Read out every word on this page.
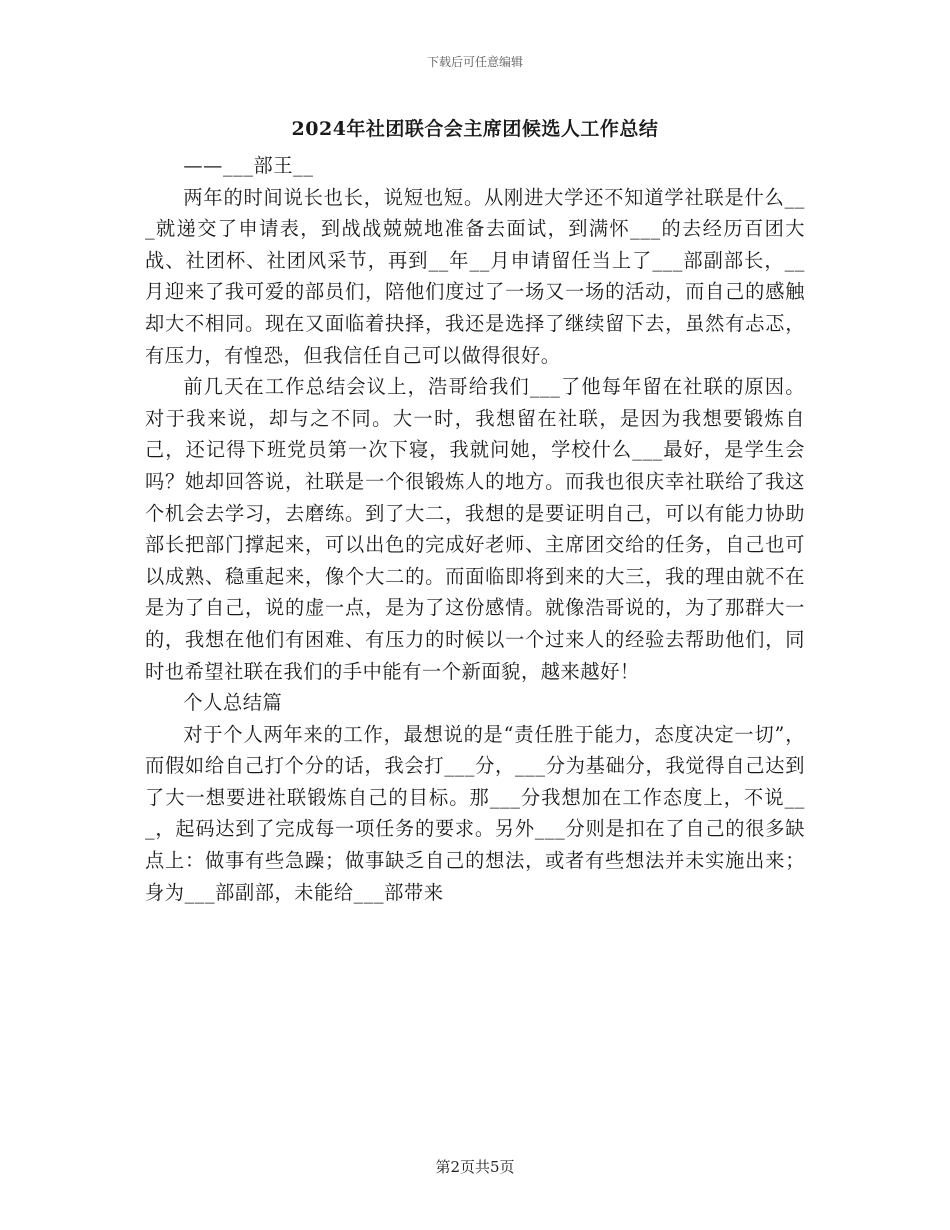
下载后可任意编辑
2024年社团联合会主席团候选人工作总结

——___部王__

两年的时间说长也长，说短也短。从刚进大学还不知道学社联是什么___就递交了申请表，到战战兢兢地准备去面试，到满怀___的去经历百团大战、社团杯、社团风采节，再到__年__月申请留任当上了___部副部长，__月迎来了我可爱的部员们，陪他们度过了一场又一场的活动，而自己的感触却大不相同。现在又面临着抉择，我还是选择了继续留下去，虽然有忐忑，有压力，有惶恐，但我信任自己可以做得很好。

前几天在工作总结会议上，浩哥给我们___了他每年留在社联的原因。对于我来说，却与之不同。大一时，我想留在社联，是因为我想要锻炼自己，还记得下班党员第一次下寝，我就问她，学校什么___最好，是学生会吗？她却回答说，社联是一个很锻炼人的地方。而我也很庆幸社联给了我这个机会去学习，去磨练。到了大二，我想的是要证明自己，可以有能力协助部长把部门撑起来，可以出色的完成好老师、主席团交给的任务，自己也可以成熟、稳重起来，像个大二的。而面临即将到来的大三，我的理由就不在是为了自己，说的虚一点，是为了这份感情。就像浩哥说的，为了那群大一的，我想在他们有困难、有压力的时候以一个过来人的经验去帮助他们，同时也希望社联在我们的手中能有一个新面貌，越来越好！

个人总结篇

对于个人两年来的工作，最想说的是“责任胜于能力，态度决定一切”，而假如给自己打个分的话，我会打___分，___分为基础分，我觉得自己达到了大一想要进社联锻炼自己的目标。那___分我想加在工作态度上，不说___，起码达到了完成每一项任务的要求。另外___分则是扣在了自己的很多缺点上：做事有些急躁；做事缺乏自己的想法，或者有些想法并未实施出来；身为___部副部，未能给___部带来

第2页共5页
